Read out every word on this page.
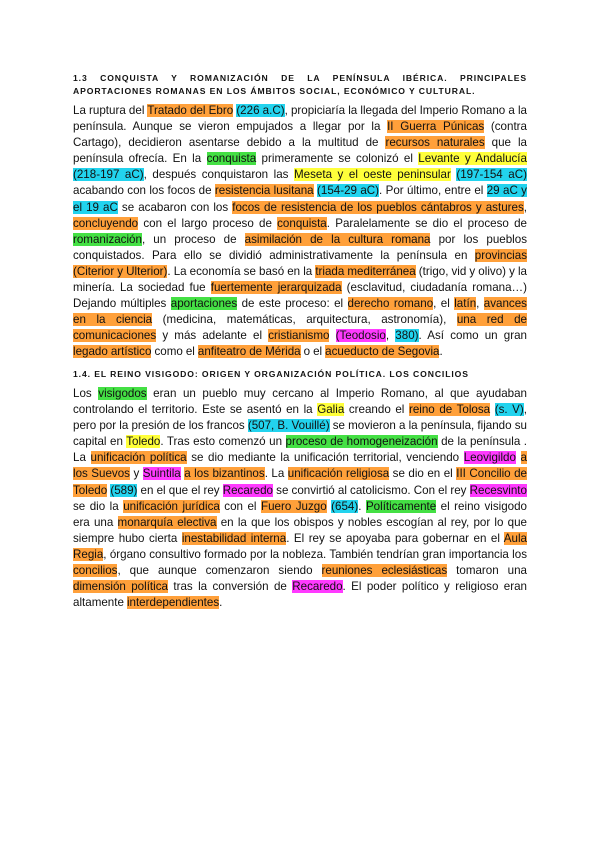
1.3 CONQUISTA Y ROMANIZACIÓN DE LA PENÍNSULA IBÉRICA. PRINCIPALES APORTACIONES ROMANAS EN LOS ÁMBITOS SOCIAL, ECONÓMICO Y CULTURAL.

La ruptura del Tratado del Ebro (226 a.C), propiciaría la llegada del Imperio Romano a la península. Aunque se vieron empujados a llegar por la II Guerra Púnicas (contra Cartago), decidieron asentarse debido a la multitud de recursos naturales que la península ofrecía. En la conquista primeramente se colonizó el Levante y Andalucía (218-197 aC), después conquistaron las Meseta y el oeste peninsular (197-154 aC) acabando con los focos de resistencia lusitana (154-29 aC). Por último, entre el 29 aC y el 19 aC se acabaron con los focos de resistencia de los pueblos cántabros y astures, concluyendo con el largo proceso de conquista. Paralelamente se dio el proceso de romanización, un proceso de asimilación de la cultura romana por los pueblos conquistados. Para ello se dividió administrativamente la península en provincias (Citerior y Ulterior). La economía se basó en la triada mediterránea (trigo, vid y olivo) y la minería. La sociedad fue fuertemente jerarquizada (esclavitud, ciudadanía romana…) Dejando múltiples aportaciones de este proceso: el derecho romano, el latín, avances en la ciencia (medicina, matemáticas, arquitectura, astronomía), una red de comunicaciones y más adelante el cristianismo (Teodosio, 380). Así como un gran legado artístico como el anfiteatro de Mérida o el acueducto de Segovia.

1.4. EL REINO VISIGODO: ORIGEN Y ORGANIZACIÓN POLÍTICA. LOS CONCILIOS

Los visigodos eran un pueblo muy cercano al Imperio Romano, al que ayudaban controlando el territorio. Este se asentó en la Galia creando el reino de Tolosa (s. V), pero por la presión de los francos (507, B. Vouillé) se movieron a la península, fijando su capital en Toledo. Tras esto comenzó un proceso de homogeneización de la península . La unificación política se dio mediante la unificación territorial, venciendo Leovigildo a los Suevos y Suintila a los bizantinos. La unificación religiosa se dio en el III Concilio de Toledo (589) en el que el rey Recaredo se convirtió al catolicismo. Con el rey Recesvinto se dio la unificación jurídica con el Fuero Juzgo (654). Políticamente el reino visigodo era una monarquía electiva en la que los obispos y nobles escogían al rey, por lo que siempre hubo cierta inestabilidad interna. El rey se apoyaba para gobernar en el Aula Regia, órgano consultivo formado por la nobleza. También tendrían gran importancia los concilios, que aunque comenzaron siendo reuniones eclesiásticas tomaron una dimensión política tras la conversión de Recaredo. El poder político y religioso eran altamente interdependientes.
